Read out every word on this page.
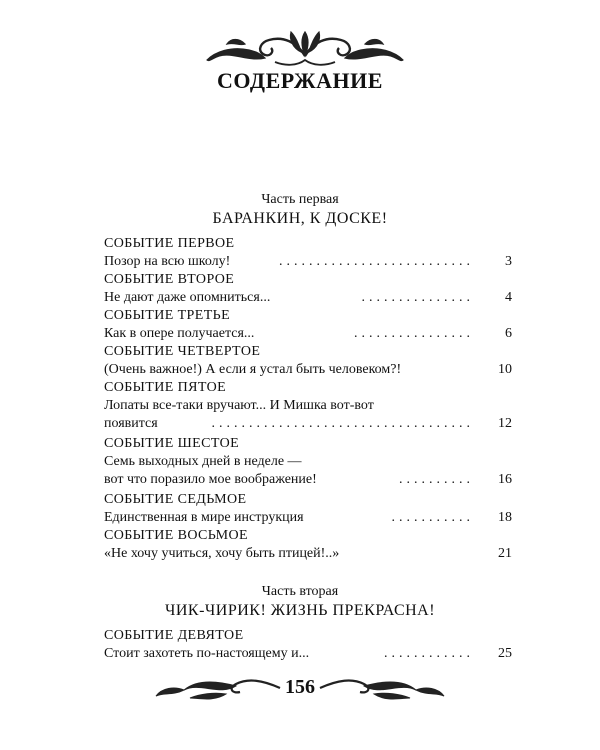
СОДЕРЖАНИЕ
Часть первая
БАРАНКИН, К ДОСКЕ!
СОБЫТИЕ ПЕРВОЕ
Позор на всю школу!	.......................... 3
СОБЫТИЕ ВТОРОЕ
Не дают даже опомниться...	............... 4
СОБЫТИЕ ТРЕТЬЕ
Как в опере получается...	................ 6
СОБЫТИЕ ЧЕТВЕРТОЕ
(Очень важное!) А если я устал быть человеком?!	10
СОБЫТИЕ ПЯТОЕ
Лопаты все-таки вручают... И Мишка вот-вот
появится	................................... 12
СОБЫТИЕ ШЕСТОЕ
Семь выходных дней в неделе —
вот что поразило мое воображение!	.......... 16
СОБЫТИЕ СЕДЬМОЕ
Единственная в мире инструкция	........... 18
СОБЫТИЕ ВОСЬМОЕ
«Не хочу учиться, хочу быть птицей!..»	21
Часть вторая
ЧИК-ЧИРИК! ЖИЗНЬ ПРЕКРАСНА!
СОБЫТИЕ ДЕВЯТОЕ
Стоит захотеть по-настоящему и...	............ 25
156
